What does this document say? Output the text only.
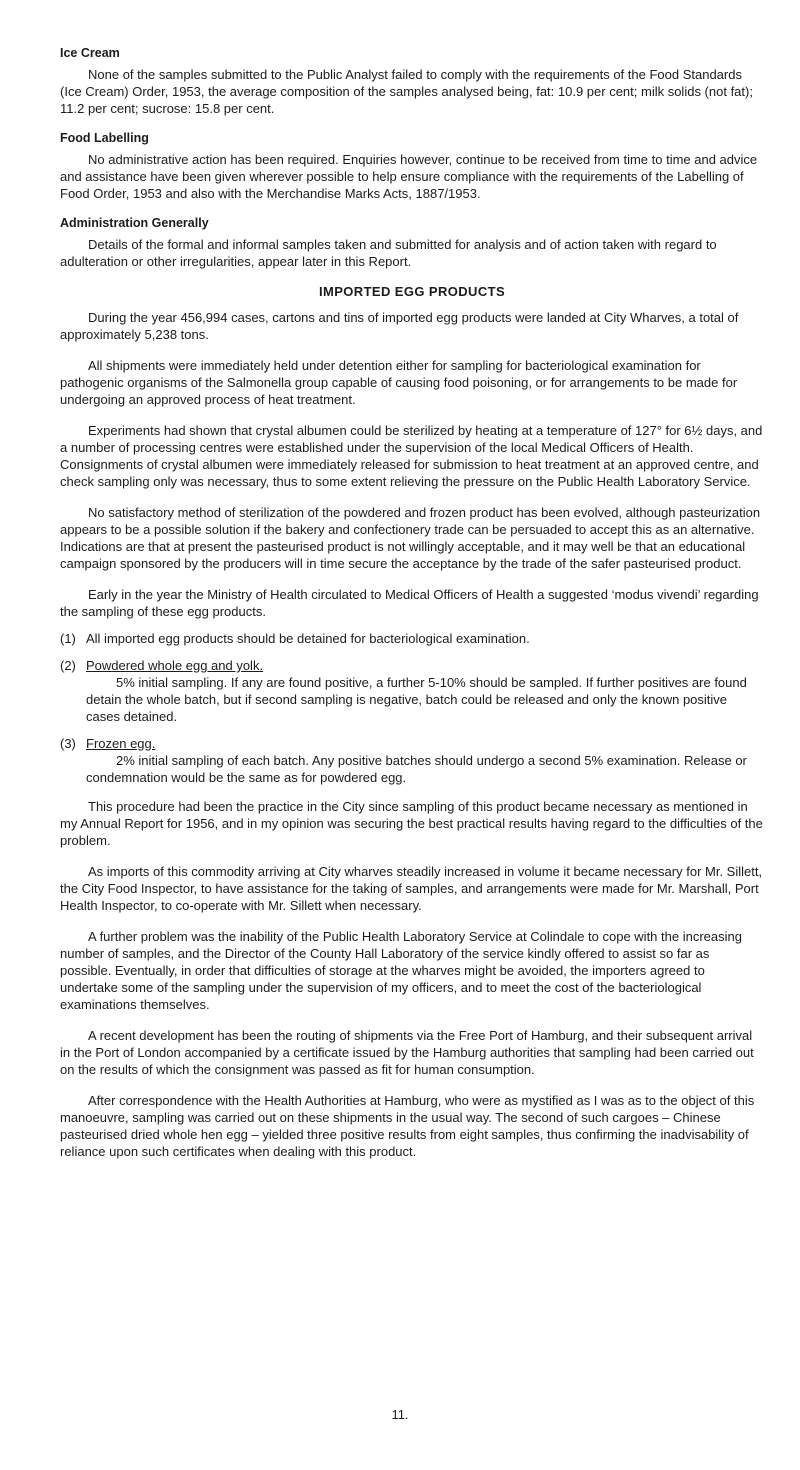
Ice Cream

None of the samples submitted to the Public Analyst failed to comply with the requirements of the Food Standards (Ice Cream) Order, 1953, the average composition of the samples analysed being, fat: 10.9 per cent; milk solids (not fat); 11.2 per cent; sucrose: 15.8 per cent.

Food Labelling

No administrative action has been required. Enquiries however, continue to be received from time to time and advice and assistance have been given wherever possible to help ensure compliance with the requirements of the Labelling of Food Order, 1953 and also with the Merchandise Marks Acts, 1887/1953.

Administration Generally

Details of the formal and informal samples taken and submitted for analysis and of action taken with regard to adulteration or other irregularities, appear later in this Report.

IMPORTED EGG PRODUCTS

During the year 456,994 cases, cartons and tins of imported egg products were landed at City Wharves, a total of approximately 5,238 tons.

All shipments were immediately held under detention either for sampling for bacteriological examination for pathogenic organisms of the Salmonella group capable of causing food poisoning, or for arrangements to be made for undergoing an approved process of heat treatment.

Experiments had shown that crystal albumen could be sterilized by heating at a temperature of 127° for 6½ days, and a number of processing centres were established under the supervision of the local Medical Officers of Health. Consignments of crystal albumen were immediately released for submission to heat treatment at an approved centre, and check sampling only was necessary, thus to some extent relieving the pressure on the Public Health Laboratory Service.

No satisfactory method of sterilization of the powdered and frozen product has been evolved, although pasteurization appears to be a possible solution if the bakery and confectionery trade can be persuaded to accept this as an alternative. Indications are that at present the pasteurised product is not willingly acceptable, and it may well be that an educational campaign sponsored by the producers will in time secure the acceptance by the trade of the safer pasteurised product.

Early in the year the Ministry of Health circulated to Medical Officers of Health a suggested ‘modus vivendi’ regarding the sampling of these egg products.

(1) All imported egg products should be detained for bacteriological examination.
(2) Powdered whole egg and yolk.
5% initial sampling. If any are found positive, a further 5-10% should be sampled. If further positives are found detain the whole batch, but if second sampling is negative, batch could be released and only the known positive cases detained.
(3) Frozen egg.
2% initial sampling of each batch. Any positive batches should undergo a second 5% examination. Release or condemnation would be the same as for powdered egg.

This procedure had been the practice in the City since sampling of this product became necessary as mentioned in my Annual Report for 1956, and in my opinion was securing the best practical results having regard to the difficulties of the problem.

As imports of this commodity arriving at City wharves steadily increased in volume it became necessary for Mr. Sillett, the City Food Inspector, to have assistance for the taking of samples, and arrangements were made for Mr. Marshall, Port Health Inspector, to co-operate with Mr. Sillett when necessary.

A further problem was the inability of the Public Health Laboratory Service at Colindale to cope with the increasing number of samples, and the Director of the County Hall Laboratory of the service kindly offered to assist so far as possible. Eventually, in order that difficulties of storage at the wharves might be avoided, the importers agreed to undertake some of the sampling under the supervision of my officers, and to meet the cost of the bacteriological examinations themselves.

A recent development has been the routing of shipments via the Free Port of Hamburg, and their subsequent arrival in the Port of London accompanied by a certificate issued by the Hamburg authorities that sampling had been carried out on the results of which the consignment was passed as fit for human consumption.

After correspondence with the Health Authorities at Hamburg, who were as mystified as I was as to the object of this manoeuvre, sampling was carried out on these shipments in the usual way. The second of such cargoes – Chinese pasteurised dried whole hen egg – yielded three positive results from eight samples, thus confirming the inadvisability of reliance upon such certificates when dealing with this product.

11.
